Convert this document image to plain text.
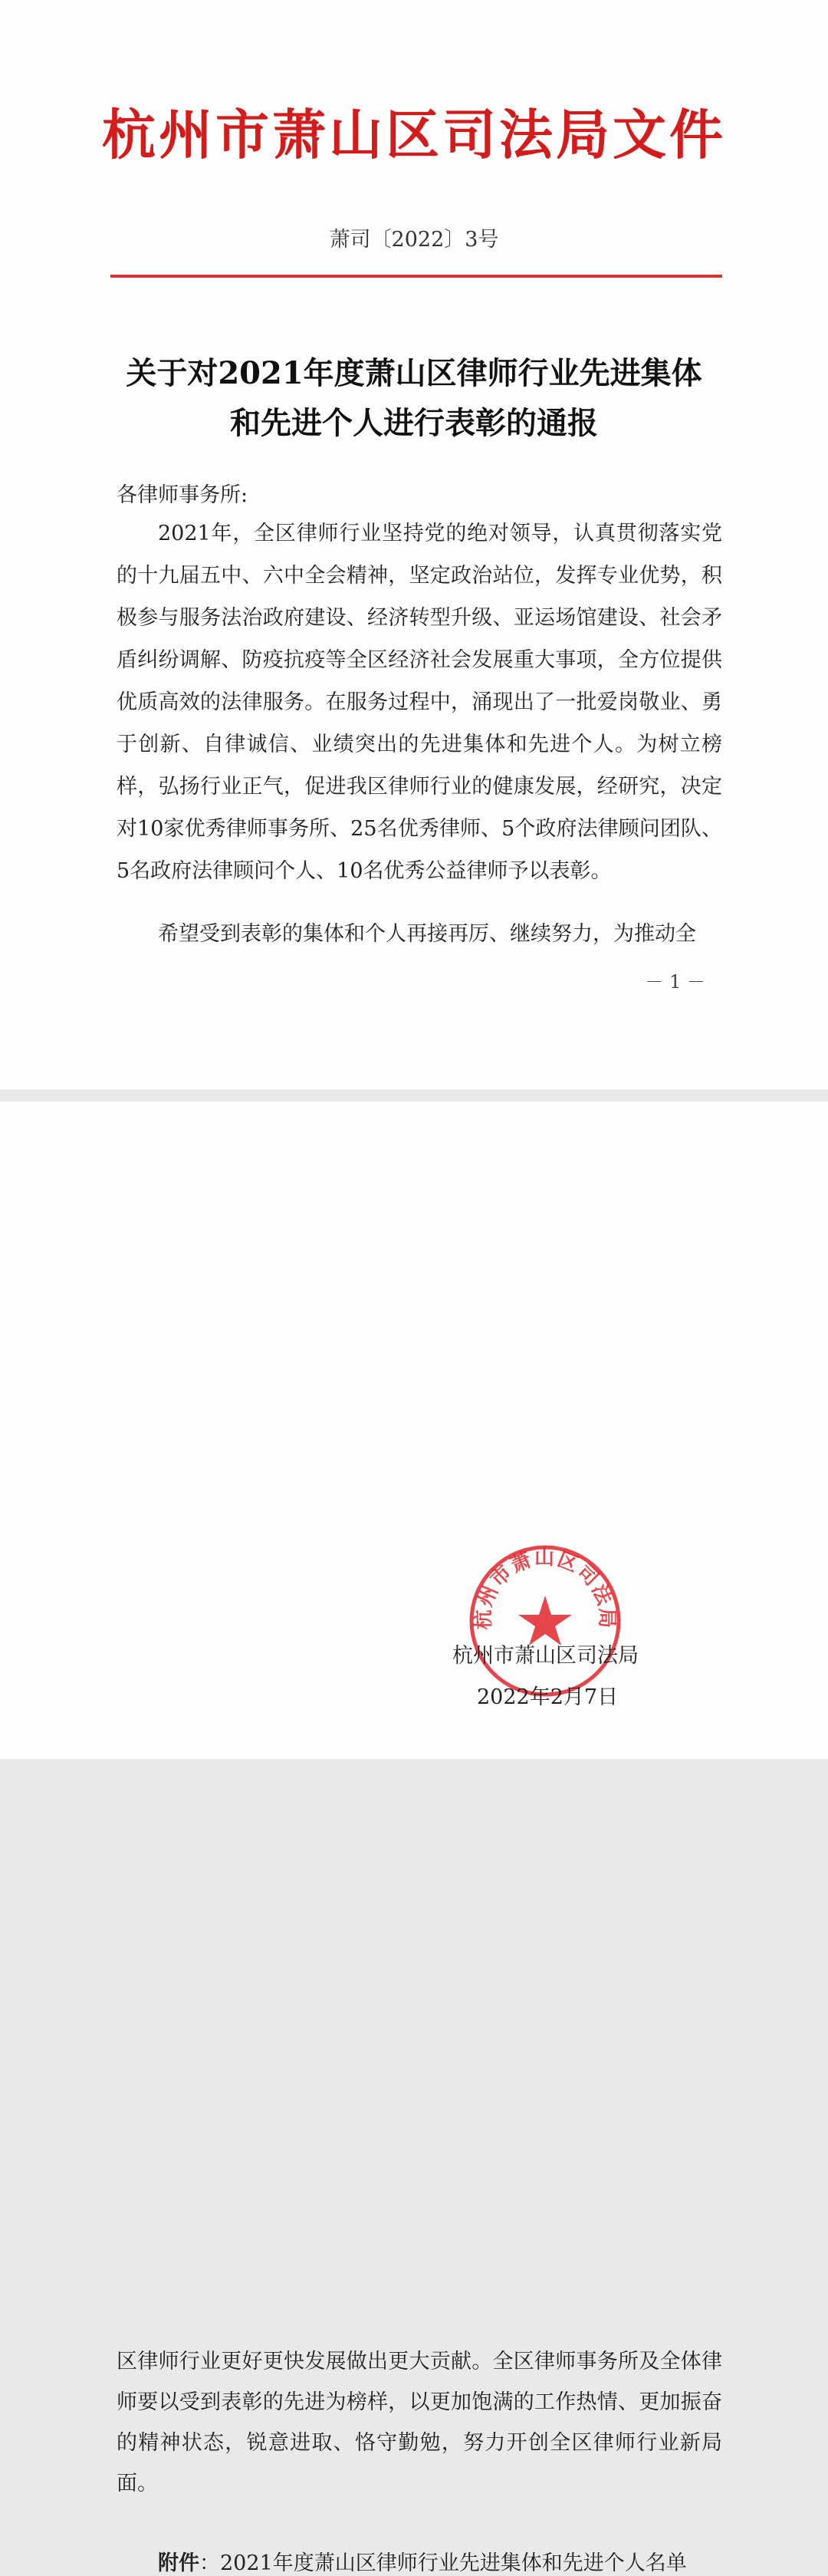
杭州市萧山区司法局文件
萧司〔2022〕3号
关于对2021年度萧山区律师行业先进集体
和先进个人进行表彰的通报
各律师事务所:

2021年，全区律师行业坚持党的绝对领导，认真贯彻落实党的十九届五中、六中全会精神，坚定政治站位，发挥专业优势，积极参与服务法治政府建设、经济转型升级、亚运场馆建设、社会矛盾纠纷调解、防疫抗疫等全区经济社会发展重大事项，全方位提供优质高效的法律服务。在服务过程中，涌现出了一批爱岗敬业、勇于创新、自律诚信、业绩突出的先进集体和先进个人。为树立榜样，弘扬行业正气，促进我区律师行业的健康发展，经研究，决定对10家优秀律师事务所、25名优秀律师、5个政府法律顾问团队、5名政府法律顾问个人、10名优秀公益律师予以表彰。

希望受到表彰的集体和个人再接再厉、继续努力，为推动全

－ 1 －

区律师行业更好更快发展做出更大贡献。全区律师事务所及全体律师要以受到表彰的先进为榜样，以更加饱满的工作热情、更加振奋的精神状态，锐意进取、恪守勤勉，努力开创全区律师行业新局面。

附件：2021年度萧山区律师行业先进集体和先进个人名单
杭州市萧山区司法局
杭州市萧山区司法局
2022年2月7日
